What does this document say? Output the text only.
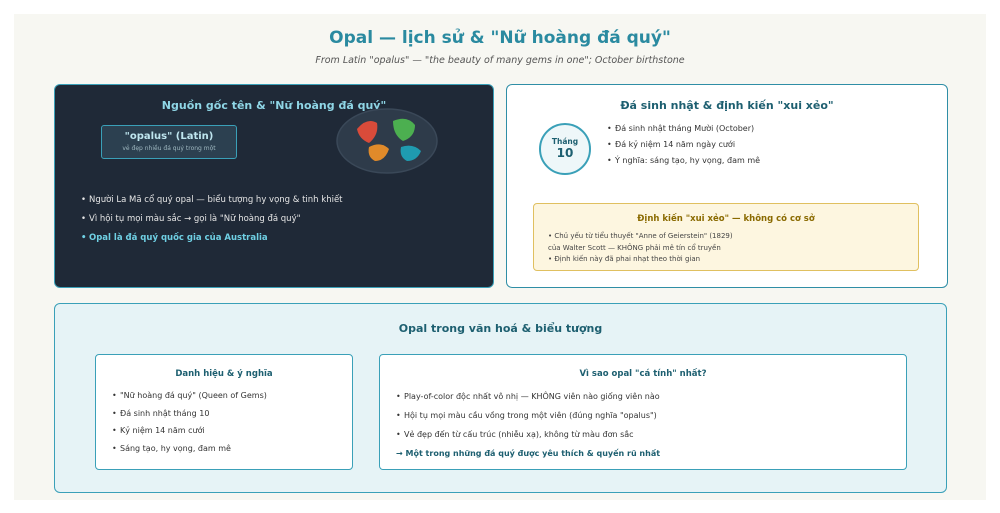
Opal — lịch sử & "Nữ hoàng đá quý"
From Latin "opalus" — "the beauty of many gems in one"; October birthstone
Nguồn gốc tên & "Nữ hoàng đá quý"
"opalus" (Latin)
vẻ đẹp nhiều đá quý trong một
• Người La Mã cổ quý opal — biểu tượng hy vọng & tinh khiết
• Vì hội tụ mọi màu sắc → gọi là "Nữ hoàng đá quý"
• Opal là đá quý quốc gia của Australia
Đá sinh nhật & định kiến "xui xẻo"
Tháng
10
• Đá sinh nhật tháng Mười (October)
• Đá kỷ niệm 14 năm ngày cưới
• Ý nghĩa: sáng tạo, hy vọng, đam mê
Định kiến "xui xẻo" — không có cơ sở
• Chủ yếu từ tiểu thuyết "Anne of Geierstein" (1829)
của Walter Scott — KHÔNG phải mê tín cổ truyền
• Định kiến này đã phai nhạt theo thời gian
Opal trong văn hoá & biểu tượng
Danh hiệu & ý nghĩa
• "Nữ hoàng đá quý" (Queen of Gems)
• Đá sinh nhật tháng 10
• Kỷ niệm 14 năm cưới
• Sáng tạo, hy vọng, đam mê
Vì sao opal "cá tính" nhất?
• Play-of-color độc nhất vô nhị — KHÔNG viên nào giống viên nào
• Hội tụ mọi màu cầu vồng trong một viên (đúng nghĩa "opalus")
• Vẻ đẹp đến từ cấu trúc (nhiễu xạ), không từ màu đơn sắc
→ Một trong những đá quý được yêu thích & quyến rũ nhất
